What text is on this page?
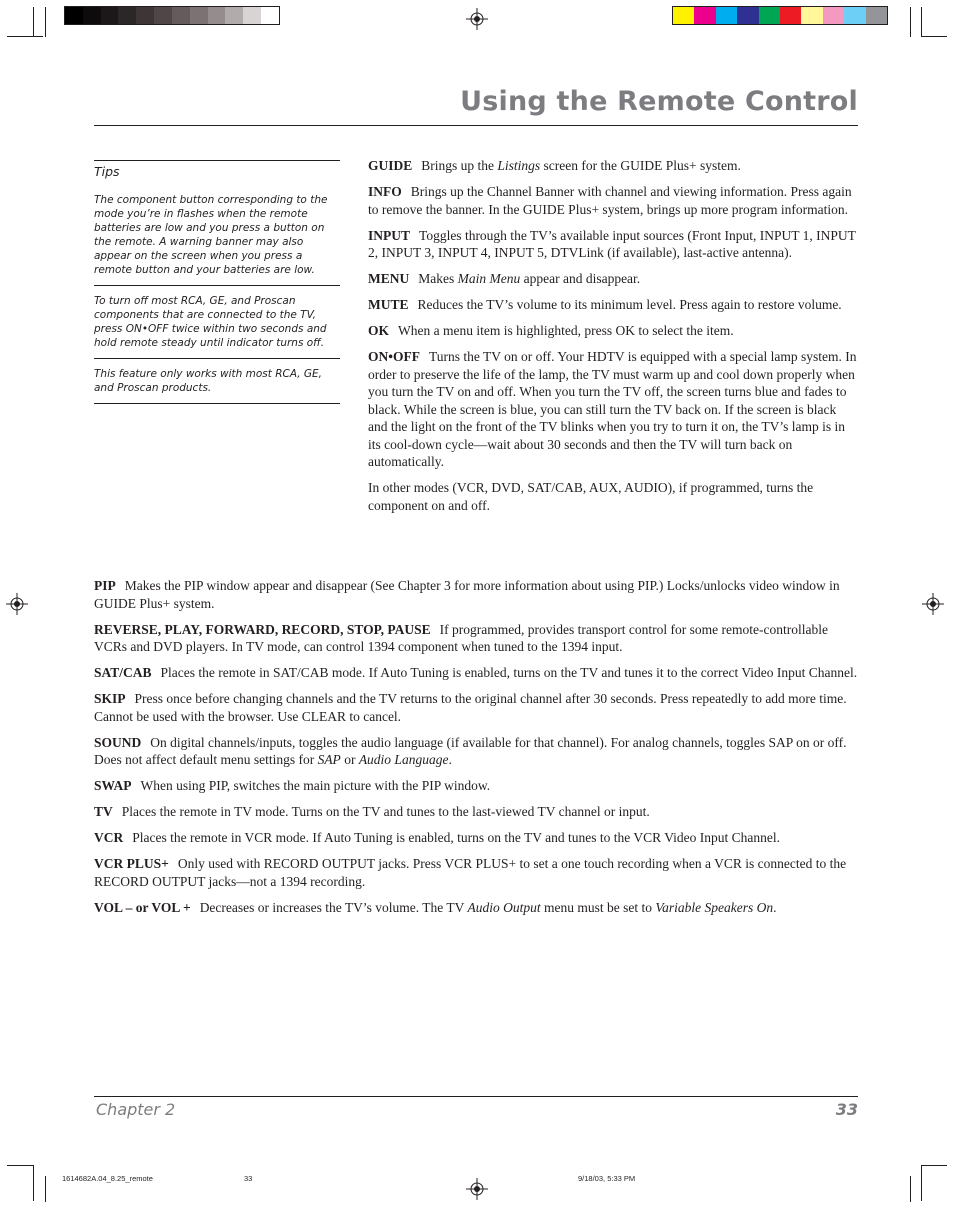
Using the Remote Control
Tips

The component button corresponding to the mode you’re in flashes when the remote batteries are low and you press a button on the remote. A warning banner may also appear on the screen when you press a remote button and your batteries are low.

To turn off most RCA, GE, and Proscan components that are connected to the TV, press ON•OFF twice within two seconds and hold remote steady until indicator turns off.

This feature only works with most RCA, GE, and Proscan products.

GUIDE Brings up the Listings screen for the GUIDE Plus+ system.

INFO Brings up the Channel Banner with channel and viewing information. Press again to remove the banner. In the GUIDE Plus+ system, brings up more program information.

INPUT Toggles through the TV’s available input sources (Front Input, INPUT 1, INPUT 2, INPUT 3, INPUT 4, INPUT 5, DTVLink (if available), last-active antenna).

MENU Makes Main Menu appear and disappear.

MUTE Reduces the TV’s volume to its minimum level. Press again to restore volume.

OK When a menu item is highlighted, press OK to select the item.

ON•OFF Turns the TV on or off. Your HDTV is equipped with a special lamp system. In order to preserve the life of the lamp, the TV must warm up and cool down properly when you turn the TV on and off. When you turn the TV off, the screen turns blue and fades to black. While the screen is blue, you can still turn the TV back on. If the screen is black and the light on the front of the TV blinks when you try to turn it on, the TV’s lamp is in its cool-down cycle—wait about 30 seconds and then the TV will turn back on automatically.

In other modes (VCR, DVD, SAT/CAB, AUX, AUDIO), if programmed, turns the component on and off.

PIP Makes the PIP window appear and disappear (See Chapter 3 for more information about using PIP.) Locks/unlocks video window in GUIDE Plus+ system.

REVERSE, PLAY, FORWARD, RECORD, STOP, PAUSE If programmed, provides transport control for some remote-controllable VCRs and DVD players. In TV mode, can control 1394 component when tuned to the 1394 input.

SAT/CAB Places the remote in SAT/CAB mode. If Auto Tuning is enabled, turns on the TV and tunes it to the correct Video Input Channel.

SKIP Press once before changing channels and the TV returns to the original channel after 30 seconds. Press repeatedly to add more time. Cannot be used with the browser. Use CLEAR to cancel.

SOUND On digital channels/inputs, toggles the audio language (if available for that channel). For analog channels, toggles SAP on or off. Does not affect default menu settings for SAP or Audio Language.

SWAP When using PIP, switches the main picture with the PIP window.

TV Places the remote in TV mode. Turns on the TV and tunes to the last-viewed TV channel or input.

VCR Places the remote in VCR mode. If Auto Tuning is enabled, turns on the TV and tunes to the VCR Video Input Channel.

VCR PLUS+ Only used with RECORD OUTPUT jacks. Press VCR PLUS+ to set a one touch recording when a VCR is connected to the RECORD OUTPUT jacks—not a 1394 recording.

VOL – or VOL + Decreases or increases the TV’s volume. The TV Audio Output menu must be set to Variable Speakers On.

Chapter 2	33
1614682A.04_8.25_remote	33	9/18/03, 5:33 PM
